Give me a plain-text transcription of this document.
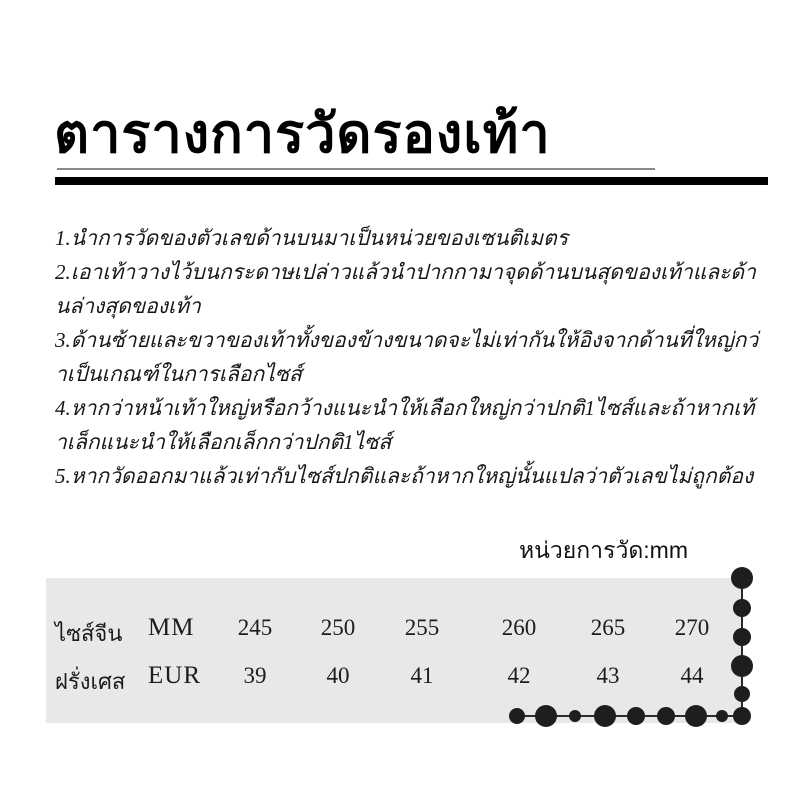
ตารางการวัดรองเท้า

1.นำการวัดของตัวเลขด้านบนมาเป็นหน่วยของเซนติเมตร

2.เอาเท้าวางไว้บนกระดาษเปล่าวแล้วนำปากกามาจุดด้านบนสุดของเท้าและด้านล่างสุดของเท้า

3.ด้านซ้ายและขวาของเท้าทั้งของข้างขนาดจะไม่เท่ากันให้อิงจากด้านที่ใหญ่กว่าเป็นเกณฑ์ในการเลือกไซส์

4.หากว่าหน้าเท้าใหญ่หรือกว้างแนะนำให้เลือกใหญ่กว่าปกติ1ไซส์และถ้าหากเท้าเล็กแนะนำให้เลือกเล็กกว่าปกติ1ไซส์

5.หากวัดออกมาแล้วเท่ากับไซส์ปกติและถ้าหากใหญ่นั้นแปลว่าตัวเลขไม่ถูกต้อง

หน่วยการวัด:mm
ไซส์จีน MM	245	250	255	260	265	270
ฝรั่งเศส EUR	39	40	41	42	43	44
